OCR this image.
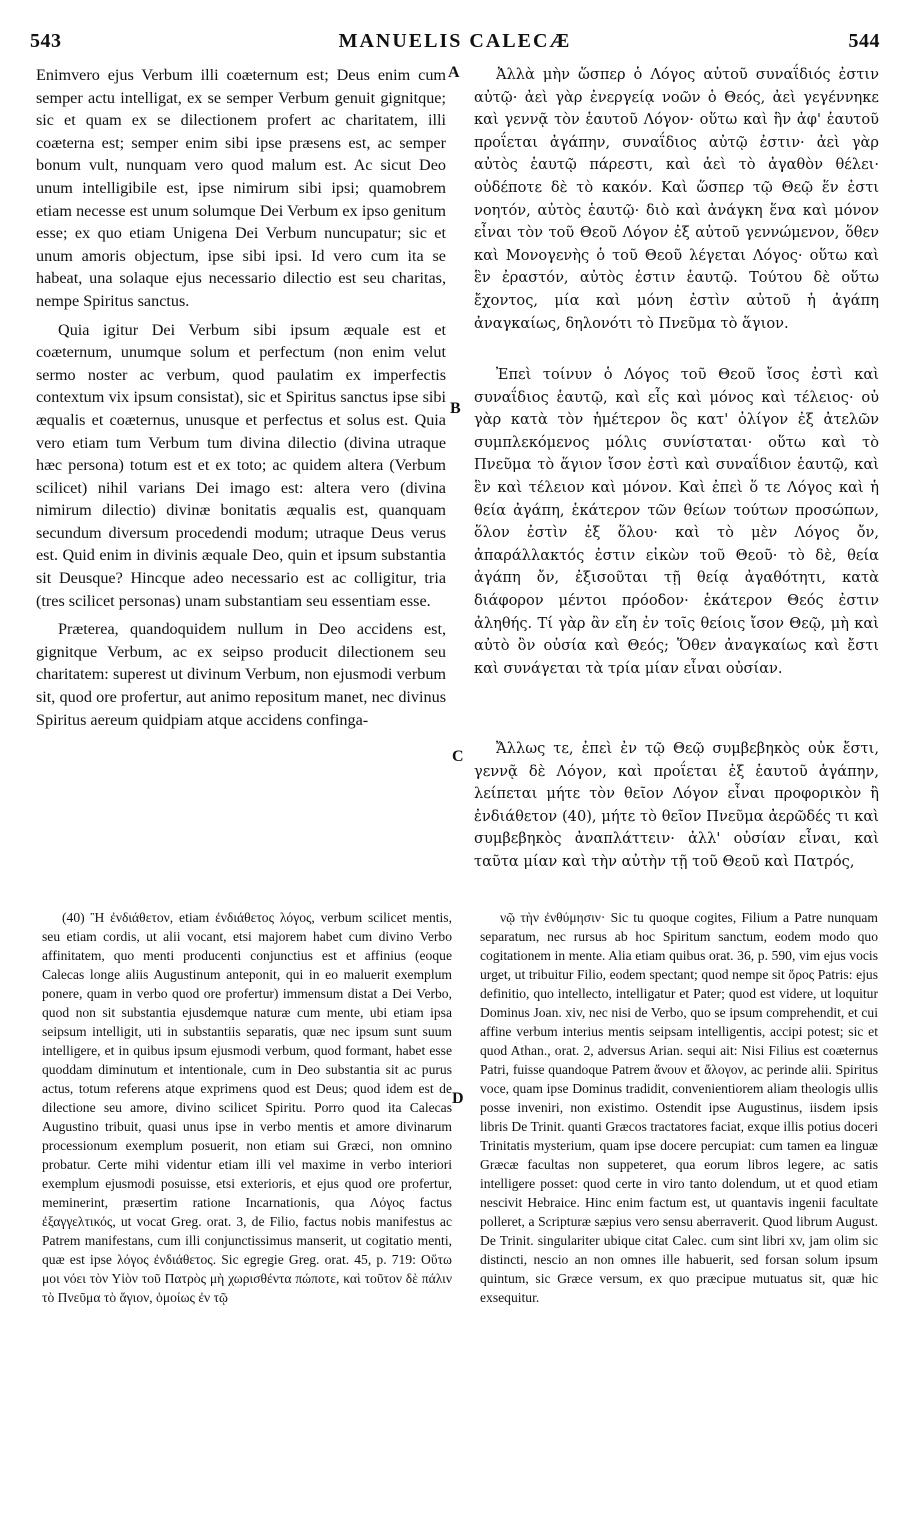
543	MANUELIS CALECÆ	544

Enimvero ejus Verbum illi coæternum est; Deus enim cum semper actu intelligat, ex se semper Verbum genuit gignitque; sic et quam ex se dilectionem profert ac charitatem, illi coæterna est; semper enim sibi ipse præsens est, ac semper bonum vult, nunquam vero quod malum est. Ac sicut Deo unum intelligibile est, ipse nimirum sibi ipsi; quamobrem etiam necesse est unum solumque Dei Verbum ex ipso genitum esse; ex quo etiam Unigena Dei Verbum nuncupatur; sic et unum amoris objectum, ipse sibi ipsi. Id vero cum ita se habeat, una solaque ejus necessario dilectio est seu charitas, nempe Spiritus sanctus.

Quia igitur Dei Verbum sibi ipsum æquale est et coæternum, unumque solum et perfectum (non enim velut sermo noster ac verbum, quod paulatim ex imperfectis contextum vix ipsum consistat), sic et Spiritus sanctus ipse sibi æqualis et coæternus, unusque et perfectus et solus est. Quia vero etiam tum Verbum tum divina dilectio (divina utraque hæc persona) totum est et ex toto; ac quidem altera (Verbum scilicet) nihil varians Dei imago est: altera vero (divina nimirum dilectio) divinæ bonitatis æqualis est, quanquam secundum diversum procedendi modum; utraque Deus verus est. Quid enim in divinis æquale Deo, quin et ipsum substantia sit Deusque? Hincque adeo necessario est ac colligitur, tria (tres scilicet personas) unam substantiam seu essentiam esse.

Præterea, quandoquidem nullum in Deo accidens est, gignitque Verbum, ac ex seipso producit dilectionem seu charitatem: superest ut divinum Verbum, non ejusmodi verbum sit, quod ore profertur, aut animo repositum manet, nec divinus Spiritus aereum quidpiam atque accidens confinga-

A
B
C
D

Ἀλλὰ μὴν ὥσπερ ὁ Λόγος αὐτοῦ συναΐδιός ἐστιν αὐτῷ· ἀεὶ γὰρ ἐνεργείᾳ νοῶν ὁ Θεός, ἀεὶ γεγέννηκε καὶ γεννᾷ τὸν ἑαυτοῦ Λόγον· οὕτω καὶ ἣν ἀφ' ἑαυτοῦ προΐεται ἀγάπην, συναΐδιος αὐτῷ ἐστιν· ἀεὶ γὰρ αὐτὸς ἑαυτῷ πάρεστι, καὶ ἀεὶ τὸ ἀγαθὸν θέλει· οὐδέποτε δὲ τὸ κακόν. Καὶ ὥσπερ τῷ Θεῷ ἕν ἐστι νοητόν, αὐτὸς ἑαυτῷ· διὸ καὶ ἀνάγκη ἕνα καὶ μόνον εἶναι τὸν τοῦ Θεοῦ Λόγον ἐξ αὐτοῦ γεννώμενον, ὅθεν καὶ Μονογενὴς ὁ τοῦ Θεοῦ λέγεται Λόγος· οὕτω καὶ ἓν ἐραστόν, αὐτὸς ἐστιν ἑαυτῷ. Τούτου δὲ οὕτω ἔχοντος, μία καὶ μόνη ἐστὶν αὐτοῦ ἡ ἀγάπη ἀναγκαίως, δηλονότι τὸ Πνεῦμα τὸ ἅγιον.

Ἐπεὶ τοίνυν ὁ Λόγος τοῦ Θεοῦ ἴσος ἐστὶ καὶ συναΐδιος ἑαυτῷ, καὶ εἷς καὶ μόνος καὶ τέλειος· οὐ γὰρ κατὰ τὸν ἡμέτερον ὃς κατ' ὀλίγον ἐξ ἀτελῶν συμπλεκόμενος μόλις συνίσταται· οὕτω καὶ τὸ Πνεῦμα τὸ ἅγιον ἴσον ἐστὶ καὶ συναΐδιον ἑαυτῷ, καὶ ἓν καὶ τέλειον καὶ μόνον. Καὶ ἐπεὶ ὅ τε Λόγος καὶ ἡ θεία ἀγάπη, ἑκάτερον τῶν θείων τούτων προσώπων, ὅλον ἐστὶν ἐξ ὅλου· καὶ τὸ μὲν Λόγος ὄν, ἀπαράλλακτός ἐστιν εἰκὼν τοῦ Θεοῦ· τὸ δὲ, θεία ἀγάπη ὄν, ἐξισοῦται τῇ θείᾳ ἀγαθότητι, κατὰ διάφορον μέντοι πρόοδον· ἑκάτερον Θεός ἐστιν ἀληθής. Τί γὰρ ἂν εἴη ἐν τοῖς θείοις ἴσον Θεῷ, μὴ καὶ αὐτὸ ὂν οὐσία καὶ Θεός; Ὅθεν ἀναγκαίως καὶ ἔστι καὶ συνάγεται τὰ τρία μίαν εἶναι οὐσίαν.

Ἄλλως τε, ἐπεὶ ἐν τῷ Θεῷ συμβεβηκὸς οὐκ ἔστι, γεννᾷ δὲ Λόγον, καὶ προΐεται ἐξ ἑαυτοῦ ἀγάπην, λείπεται μήτε τὸν θεῖον Λόγον εἶναι προφορικὸν ἢ ἐνδιάθετον (40), μήτε τὸ θεῖον Πνεῦμα ἀερῶδές τι καὶ συμβεβηκὸς ἀναπλάττειν· ἀλλ' οὐσίαν εἶναι, καὶ ταῦτα μίαν καὶ τὴν αὐτὴν τῇ τοῦ Θεοῦ καὶ Πατρός,

(40) Ἢ ἐνδιάθετον, etiam ἐνδιάθετος λόγος, verbum scilicet mentis, seu etiam cordis, ut alii vocant, etsi majorem habet cum divino Verbo affinitatem, quo menti producenti conjunctius est et affinius (eoque Calecas longe aliis Augustinum anteponit, qui in eo maluerit exemplum ponere, quam in verbo quod ore profertur) immensum distat a Dei Verbo, quod non sit substantia ejusdemque naturæ cum mente, ubi etiam ipsa seipsum intelligit, uti in substantiis separatis, quæ nec ipsum sunt suum intelligere, et in quibus ipsum ejusmodi verbum, quod formant, habet esse quoddam diminutum et intentionale, cum in Deo substantia sit ac purus actus, totum referens atque exprimens quod est Deus; quod idem est de dilectione seu amore, divino scilicet Spiritu. Porro quod ita Calecas Augustino tribuit, quasi unus ipse in verbo mentis et amore divinarum processionum exemplum posuerit, non etiam sui Græci, non omnino probatur. Certe mihi videntur etiam illi vel maxime in verbo interiori exemplum ejusmodi posuisse, etsi exterioris, et ejus quod ore profertur, meminerint, præsertim ratione Incarnationis, qua Λόγος factus ἐξαγγελτικός, ut vocat Greg. orat. 3, de Filio, factus nobis manifestus ac Patrem manifestans, cum illi conjunctissimus manserit, ut cogitatio menti, quæ est ipse λόγος ἐνδιάθετος. Sic egregie Greg. orat. 45, p. 719: Οὕτω μοι νόει τὸν Υἱὸν τοῦ Πατρὸς μὴ χωρισθέντα πώποτε, καὶ τοῦτον δὲ πάλιν τὸ Πνεῦμα τὸ ἅγιον, ὁμοίως ἐν τῷ

νῷ τὴν ἐνθύμησιν· Sic tu quoque cogites, Filium a Patre nunquam separatum, nec rursus ab hoc Spiritum sanctum, eodem modo quo cogitationem in mente. Alia etiam quibus orat. 36, p. 590, vim ejus vocis urget, ut tribuitur Filio, eodem spectant; quod nempe sit ὅρος Patris: ejus definitio, quo intellecto, intelligatur et Pater; quod est videre, ut loquitur Dominus Joan. xiv, nec nisi de Verbo, quo se ipsum comprehendit, et cui affine verbum interius mentis seipsam intelligentis, accipi potest; sic et quod Athan., orat. 2, adversus Arian. sequi ait: Nisi Filius est coæternus Patri, fuisse quandoque Patrem ἄνουν et ἄλογον, ac perinde alii. Spiritus voce, quam ipse Dominus tradidit, convenientiorem aliam theologis ullis posse inveniri, non existimo. Ostendit ipse Augustinus, iisdem ipsis libris De Trinit. quanti Græcos tractatores faciat, exque illis potius doceri Trinitatis mysterium, quam ipse docere percupiat: cum tamen ea linguæ Græcæ facultas non suppeteret, qua eorum libros legere, ac satis intelligere posset: quod certe in viro tanto dolendum, ut et quod etiam nescivit Hebraice. Hinc enim factum est, ut quantavis ingenii facultate polleret, a Scripturæ sæpius vero sensu aberraverit. Quod librum August. De Trinit. singulariter ubique citat Calec. cum sint libri xv, jam olim sic distincti, nescio an non omnes ille habuerit, sed forsan solum ipsum quintum, sic Græce versum, ex quo præcipue mutuatus sit, quæ hic exsequitur.
